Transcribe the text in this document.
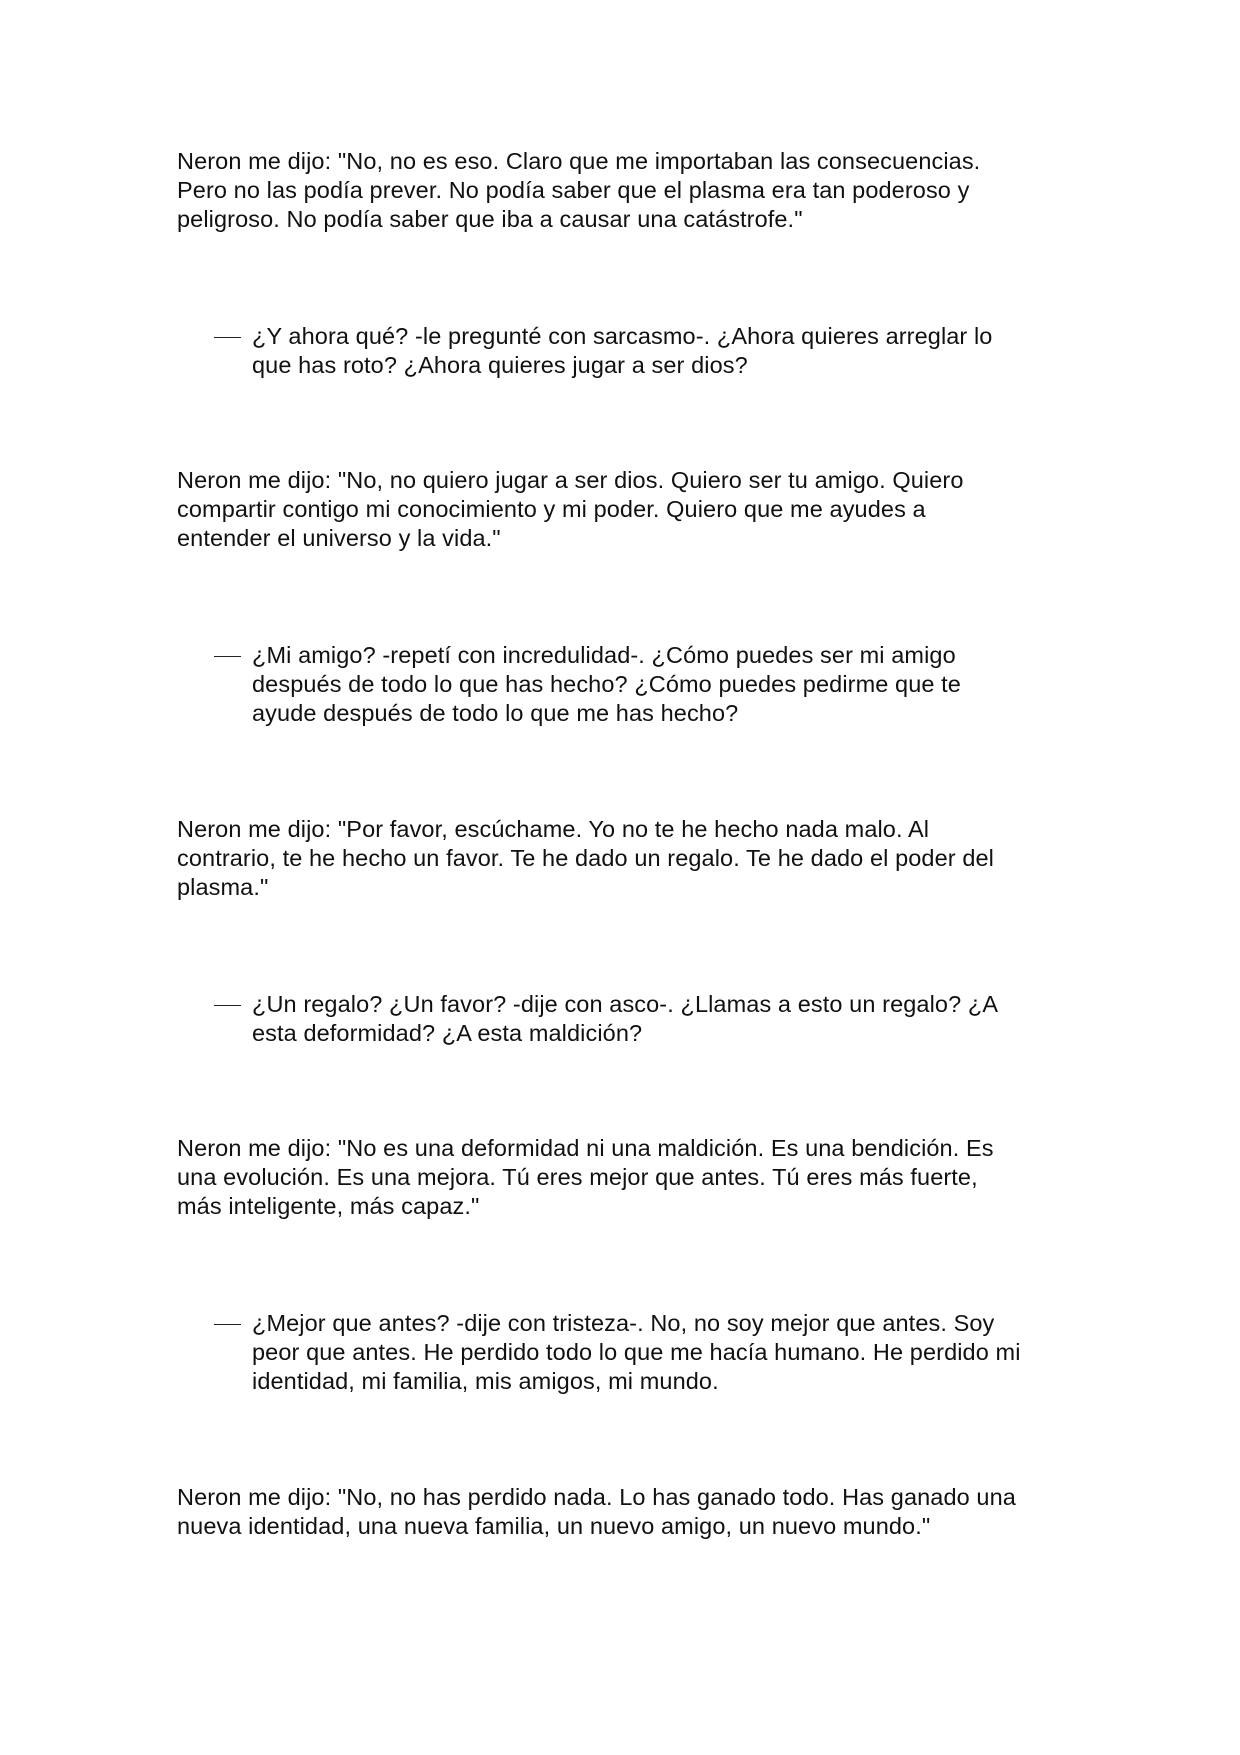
Neron me dijo: "No, no es eso. Claro que me importaban las consecuencias.
Pero no las podía prever. No podía saber que el plasma era tan poderoso y
peligroso. No podía saber que iba a causar una catástrofe."
¿Y ahora qué? -le pregunté con sarcasmo-. ¿Ahora quieres arreglar lo
que has roto? ¿Ahora quieres jugar a ser dios?
Neron me dijo: "No, no quiero jugar a ser dios. Quiero ser tu amigo. Quiero
compartir contigo mi conocimiento y mi poder. Quiero que me ayudes a
entender el universo y la vida."
¿Mi amigo? -repetí con incredulidad-. ¿Cómo puedes ser mi amigo
después de todo lo que has hecho? ¿Cómo puedes pedirme que te
ayude después de todo lo que me has hecho?
Neron me dijo: "Por favor, escúchame. Yo no te he hecho nada malo. Al
contrario, te he hecho un favor. Te he dado un regalo. Te he dado el poder del
plasma."
¿Un regalo? ¿Un favor? -dije con asco-. ¿Llamas a esto un regalo? ¿A
esta deformidad? ¿A esta maldición?
Neron me dijo: "No es una deformidad ni una maldición. Es una bendición. Es
una evolución. Es una mejora. Tú eres mejor que antes. Tú eres más fuerte,
más inteligente, más capaz."
¿Mejor que antes? -dije con tristeza-. No, no soy mejor que antes. Soy
peor que antes. He perdido todo lo que me hacía humano. He perdido mi
identidad, mi familia, mis amigos, mi mundo.
Neron me dijo: "No, no has perdido nada. Lo has ganado todo. Has ganado una
nueva identidad, una nueva familia, un nuevo amigo, un nuevo mundo."
